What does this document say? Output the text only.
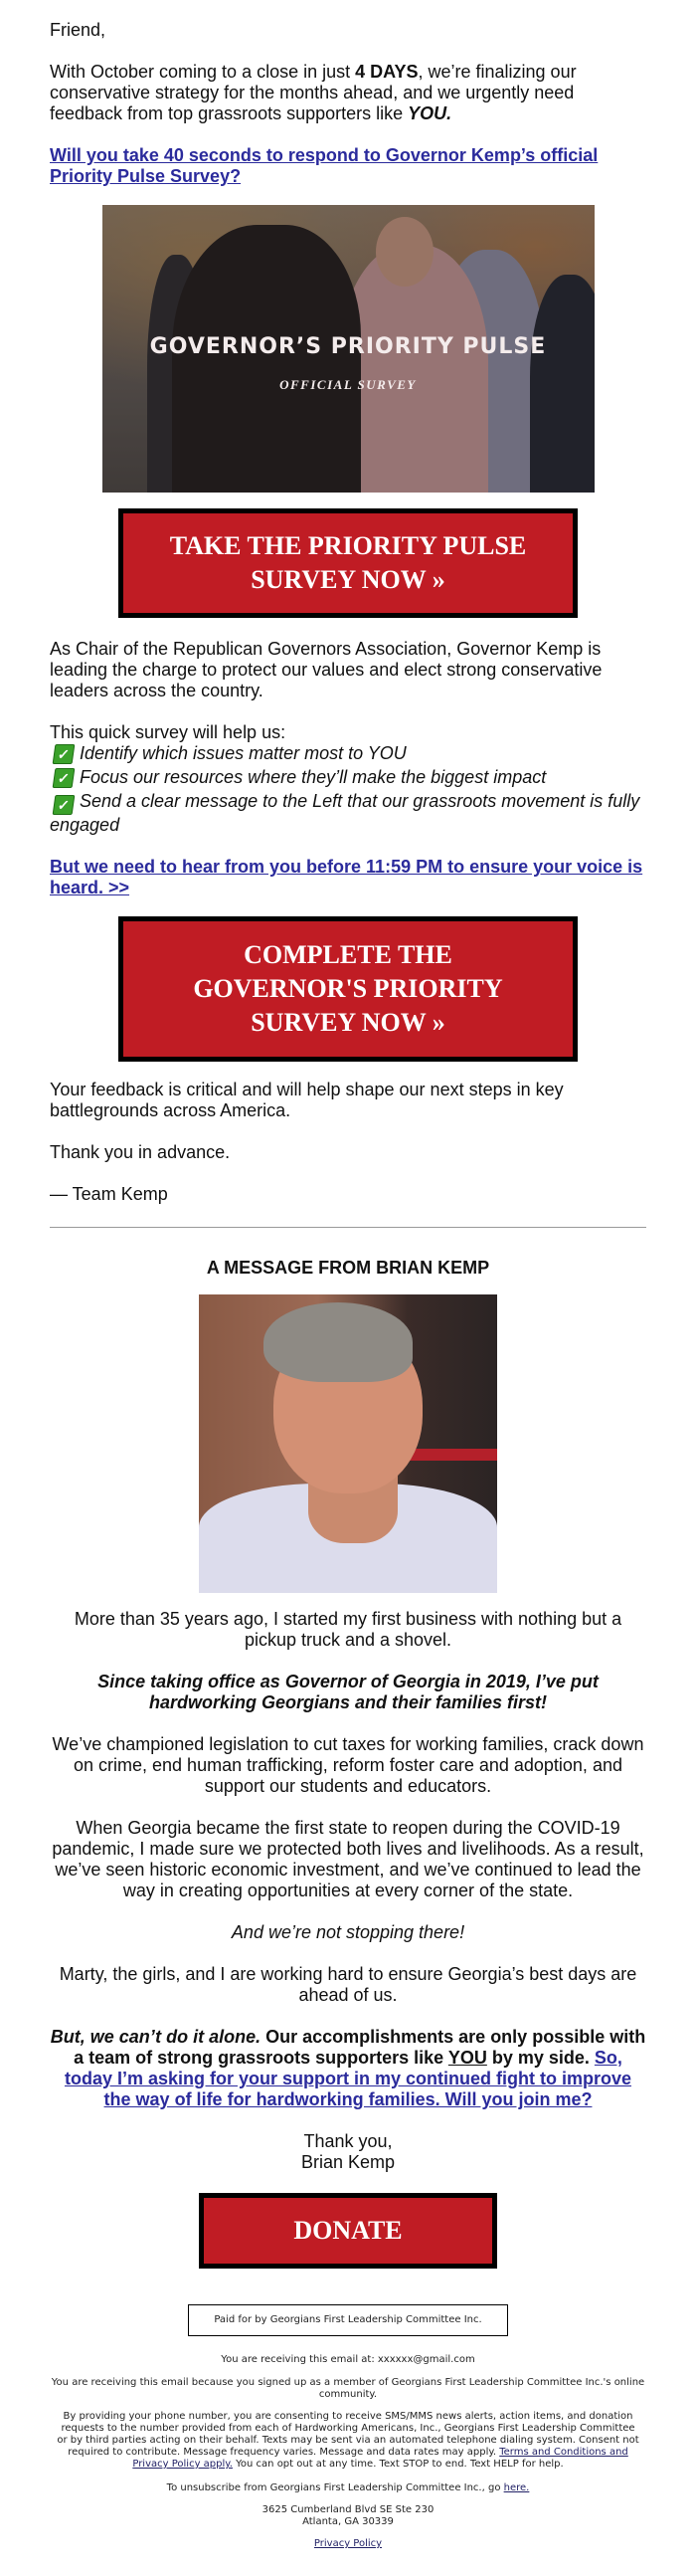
Friend,

With October coming to a close in just 4 DAYS, we’re finalizing our conservative strategy for the months ahead, and we urgently need feedback from top grassroots supporters like YOU.

Will you take 40 seconds to respond to Governor Kemp’s official Priority Pulse Survey?

GOVERNOR’S PRIORITY PULSE
OFFICIAL SURVEY
TAKE THE PRIORITY PULSE SURVEY NOW »

As Chair of the Republican Governors Association, Governor Kemp is leading the charge to protect our values and elect strong conservative leaders across the country.

This quick survey will help us:

✓ Identify which issues matter most to YOU
✓ Focus our resources where they’ll make the biggest impact
✓ Send a clear message to the Left that our grassroots movement is fully engaged

But we need to hear from you before 11:59 PM to ensure your voice is heard. >>

COMPLETE THE
GOVERNOR'S PRIORITY
SURVEY NOW »

Your feedback is critical and will help shape our next steps in key battlegrounds across America.

Thank you in advance.

— Team Kemp

A MESSAGE FROM BRIAN KEMP

More than 35 years ago, I started my first business with nothing but a pickup truck and a shovel.

Since taking office as Governor of Georgia in 2019, I’ve put hardworking Georgians and their families first!

We’ve championed legislation to cut taxes for working families, crack down on crime, end human trafficking, reform foster care and adoption, and support our students and educators.

When Georgia became the first state to reopen during the COVID-19 pandemic, I made sure we protected both lives and livelihoods. As a result, we’ve seen historic economic investment, and we’ve continued to lead the way in creating opportunities at every corner of the state.

And we’re not stopping there!

Marty, the girls, and I are working hard to ensure Georgia’s best days are ahead of us.

But, we can’t do it alone. Our accomplishments are only possible with a team of strong grassroots supporters like YOU by my side. So, today I’m asking for your support in my continued fight to improve the way of life for hardworking families. Will you join me?

Thank you,

Brian Kemp

DONATE
Paid for by Georgians First Leadership Committee Inc.

You are receiving this email at: xxxxxx@gmail.com

You are receiving this email because you signed up as a member of Georgians First Leadership Committee Inc.'s online community.

By providing your phone number, you are consenting to receive SMS/MMS news alerts, action items, and donation requests to the number provided from each of Hardworking Americans, Inc., Georgians First Leadership Committee or by third parties acting on their behalf. Texts may be sent via an automated telephone dialing system. Consent not required to contribute. Message frequency varies. Message and data rates may apply. Terms and Conditions and Privacy Policy apply. You can opt out at any time. Text STOP to end. Text HELP for help.

To unsubscribe from Georgians First Leadership Committee Inc., go here.

3625 Cumberland Blvd SE Ste 230

Atlanta, GA 30339

Privacy Policy
